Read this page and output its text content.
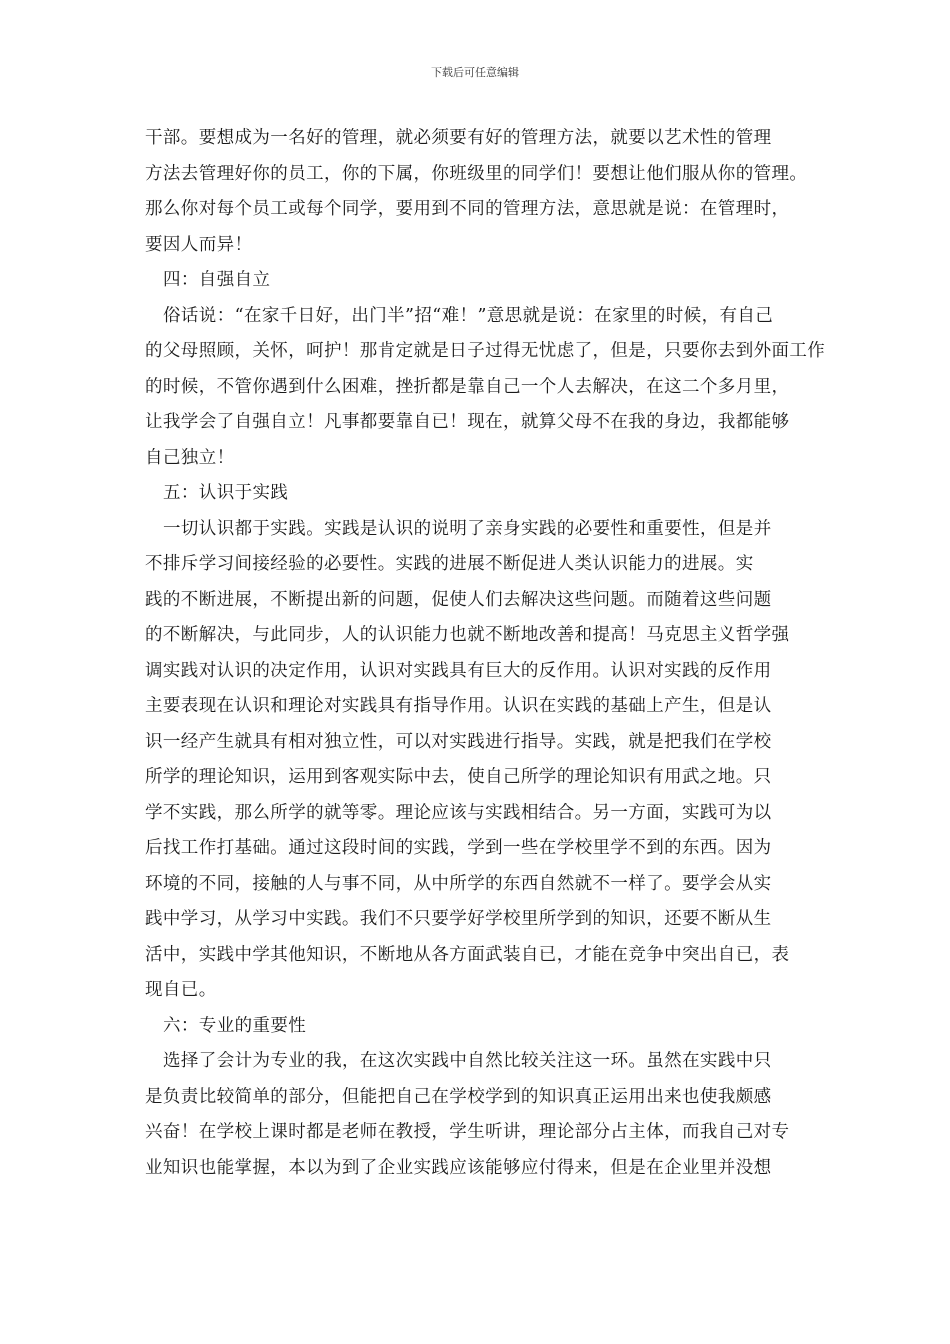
下载后可任意编辑
干部。要想成为一名好的管理，就必须要有好的管理方法，就要以艺术性的管理
方法去管理好你的员工，你的下属，你班级里的同学们！要想让他们服从你的管理。
那么你对每个员工或每个同学，要用到不同的管理方法，意思就是说：在管理时，
要因人而异！
四：自强自立
俗话说：“在家千日好，出门半”招“难！”意思就是说：在家里的时候，有自己
的父母照顾，关怀，呵护！那肯定就是日子过得无忧虑了，但是，只要你去到外面工作
的时候，不管你遇到什么困难，挫折都是靠自己一个人去解决，在这二个多月里，
让我学会了自强自立！凡事都要靠自已！现在，就算父母不在我的身边，我都能够
自己独立！
五：认识于实践
一切认识都于实践。实践是认识的说明了亲身实践的必要性和重要性，但是并
不排斥学习间接经验的必要性。实践的进展不断促进人类认识能力的进展。实
践的不断进展，不断提出新的问题，促使人们去解决这些问题。而随着这些问题
的不断解决，与此同步，人的认识能力也就不断地改善和提高！马克思主义哲学强
调实践对认识的决定作用，认识对实践具有巨大的反作用。认识对实践的反作用
主要表现在认识和理论对实践具有指导作用。认识在实践的基础上产生，但是认
识一经产生就具有相对独立性，可以对实践进行指导。实践，就是把我们在学校
所学的理论知识，运用到客观实际中去，使自己所学的理论知识有用武之地。只
学不实践，那么所学的就等零。理论应该与实践相结合。另一方面，实践可为以
后找工作打基础。通过这段时间的实践，学到一些在学校里学不到的东西。因为
环境的不同，接触的人与事不同，从中所学的东西自然就不一样了。要学会从实
践中学习，从学习中实践。我们不只要学好学校里所学到的知识，还要不断从生
活中，实践中学其他知识，不断地从各方面武装自已，才能在竞争中突出自已，表
现自已。
六：专业的重要性
选择了会计为专业的我，在这次实践中自然比较关注这一环。虽然在实践中只
是负责比较简单的部分，但能把自己在学校学到的知识真正运用出来也使我颇感
兴奋！在学校上课时都是老师在教授，学生听讲，理论部分占主体，而我自己对专
业知识也能掌握，本以为到了企业实践应该能够应付得来，但是在企业里并没想
